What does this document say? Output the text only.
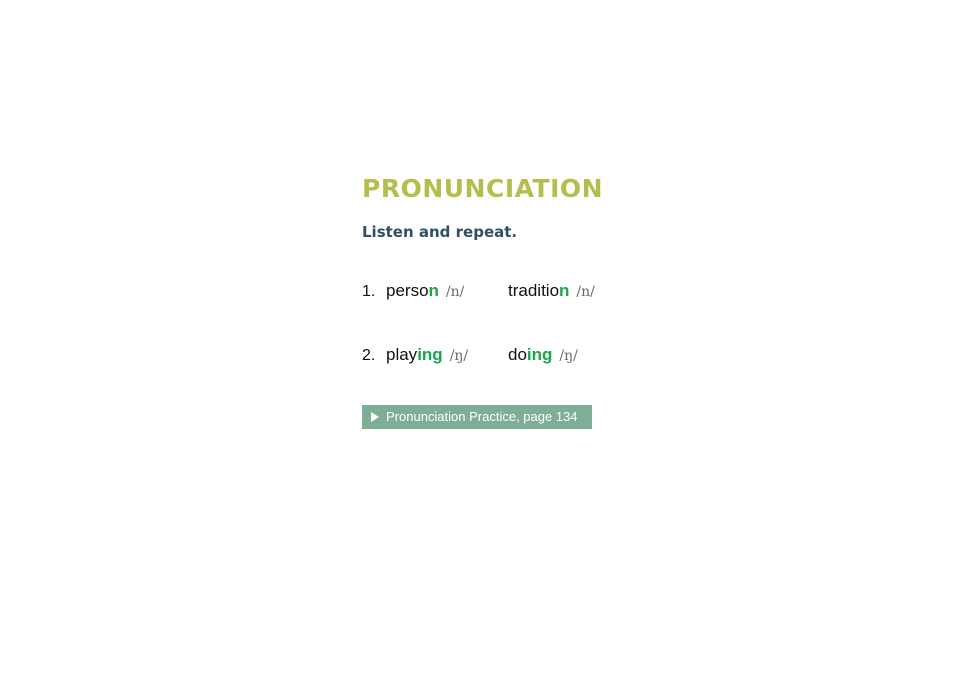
PRONUNCIATION

Listen and repeat.

1. person /n/	tradition /n/
2. playing /ŋ/ doing /ŋ/
Pronunciation Practice, page 134
